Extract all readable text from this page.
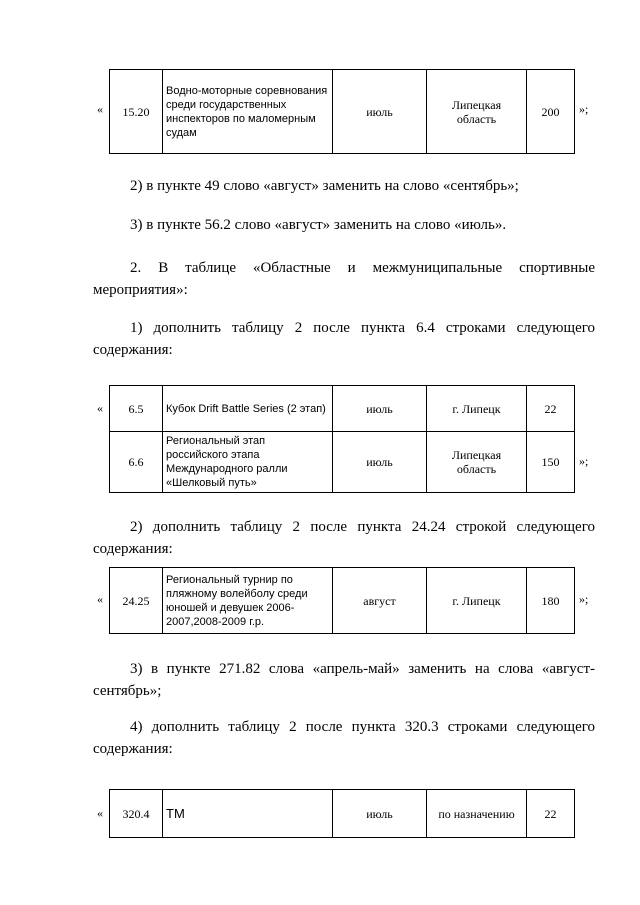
« 15.20	Водно-моторные соревнования среди государственных инспекторов по маломерным судам	июль	Липецкая область	200 »;
2) в пункте 49 слово «август» заменить на слово «сентябрь»;
3) в пункте 56.2 слово «август» заменить на слово «июль».
2. В таблице «Областные и межмуниципальные спортивные
мероприятия»:
1) дополнить таблицу 2 после пункта 6.4 строками следующего
содержания:
« 6.5	Кубок Drift Battle Series (2 этап)	июль	г. Липецк	22
6.6	Региональный этап российского этапа Международного ралли «Шелковый путь»	июль	Липецкая область	150 »;
2) дополнить таблицу 2 после пункта 24.24 строкой следующего
содержания:
« 24.25	Региональный турнир по пляжному волейболу среди юношей и девушек 2006-2007,2008-2009 г.р.	август	г. Липецк	180 »;
3) в пункте 271.82 слова «апрель-май» заменить на слова «август-
сентябрь»;
4) дополнить таблицу 2 после пункта 320.3 строками следующего
содержания:
« 320.4	ТМ	июль	по назначению	22
